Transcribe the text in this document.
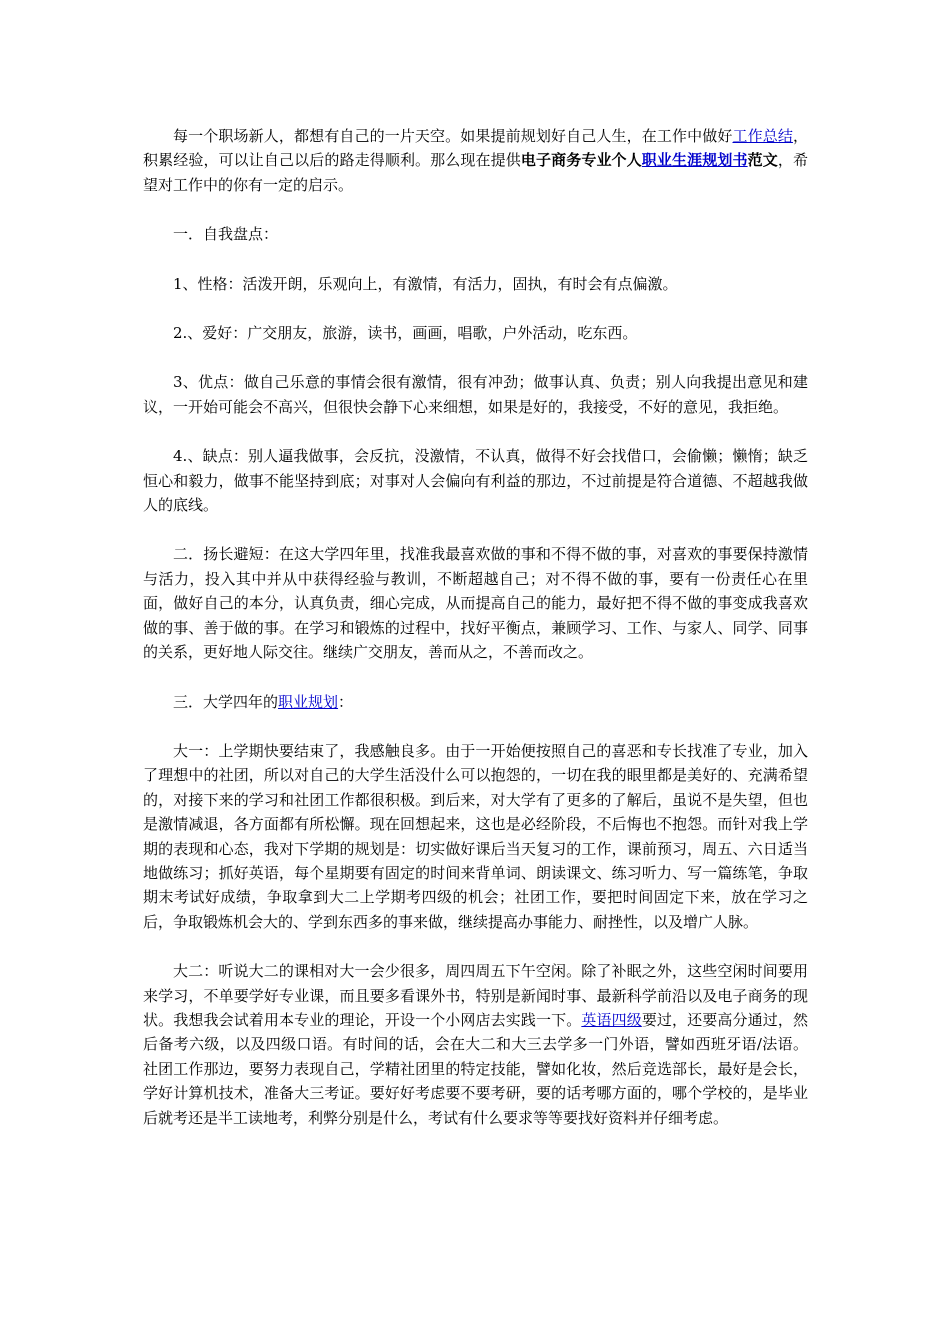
每一个职场新人，都想有自己的一片天空。如果提前规划好自己人生，在工作中做好工作总结，积累经验，可以让自己以后的路走得顺利。那么现在提供电子商务专业个人职业生涯规划书范文，希望对工作中的你有一定的启示。

一．自我盘点：

1、性格：活泼开朗，乐观向上，有激情，有活力，固执，有时会有点偏激。

2.、爱好：广交朋友，旅游，读书，画画，唱歌，户外活动，吃东西。

3、优点：做自己乐意的事情会很有激情，很有冲劲；做事认真、负责；别人向我提出意见和建议，一开始可能会不高兴，但很快会静下心来细想，如果是好的，我接受，不好的意见，我拒绝。

4.、缺点：别人逼我做事，会反抗，没激情，不认真，做得不好会找借口，会偷懒；懒惰；缺乏恒心和毅力，做事不能坚持到底；对事对人会偏向有利益的那边，不过前提是符合道德、不超越我做人的底线。

二．扬长避短：在这大学四年里，找准我最喜欢做的事和不得不做的事，对喜欢的事要保持激情与活力，投入其中并从中获得经验与教训，不断超越自己；对不得不做的事，要有一份责任心在里面，做好自己的本分，认真负责，细心完成，从而提高自己的能力，最好把不得不做的事变成我喜欢做的事、善于做的事。在学习和锻炼的过程中，找好平衡点，兼顾学习、工作、与家人、同学、同事的关系，更好地人际交往。继续广交朋友，善而从之，不善而改之。

三．大学四年的职业规划：

大一：上学期快要结束了，我感触良多。由于一开始便按照自己的喜恶和专长找准了专业，加入了理想中的社团，所以对自己的大学生活没什么可以抱怨的，一切在我的眼里都是美好的、充满希望的，对接下来的学习和社团工作都很积极。到后来，对大学有了更多的了解后，虽说不是失望，但也是激情减退，各方面都有所松懈。现在回想起来，这也是必经阶段，不后悔也不抱怨。而针对我上学期的表现和心态，我对下学期的规划是：切实做好课后当天复习的工作，课前预习，周五、六日适当地做练习；抓好英语，每个星期要有固定的时间来背单词、朗读课文、练习听力、写一篇练笔，争取期末考试好成绩，争取拿到大二上学期考四级的机会；社团工作，要把时间固定下来，放在学习之后，争取锻炼机会大的、学到东西多的事来做，继续提高办事能力、耐挫性，以及增广人脉。

大二：听说大二的课相对大一会少很多，周四周五下午空闲。除了补眠之外，这些空闲时间要用来学习，不单要学好专业课，而且要多看课外书，特别是新闻时事、最新科学前沿以及电子商务的现状。我想我会试着用本专业的理论，开设一个小网店去实践一下。英语四级要过，还要高分通过，然后备考六级，以及四级口语。有时间的话，会在大二和大三去学多一门外语，譬如西班牙语/法语。社团工作那边，要努力表现自己，学精社团里的特定技能，譬如化妆，然后竞选部长，最好是会长，学好计算机技术，准备大三考证。要好好考虑要不要考研，要的话考哪方面的，哪个学校的，是毕业后就考还是半工读地考，利弊分别是什么，考试有什么要求等等要找好资料并仔细考虑。
